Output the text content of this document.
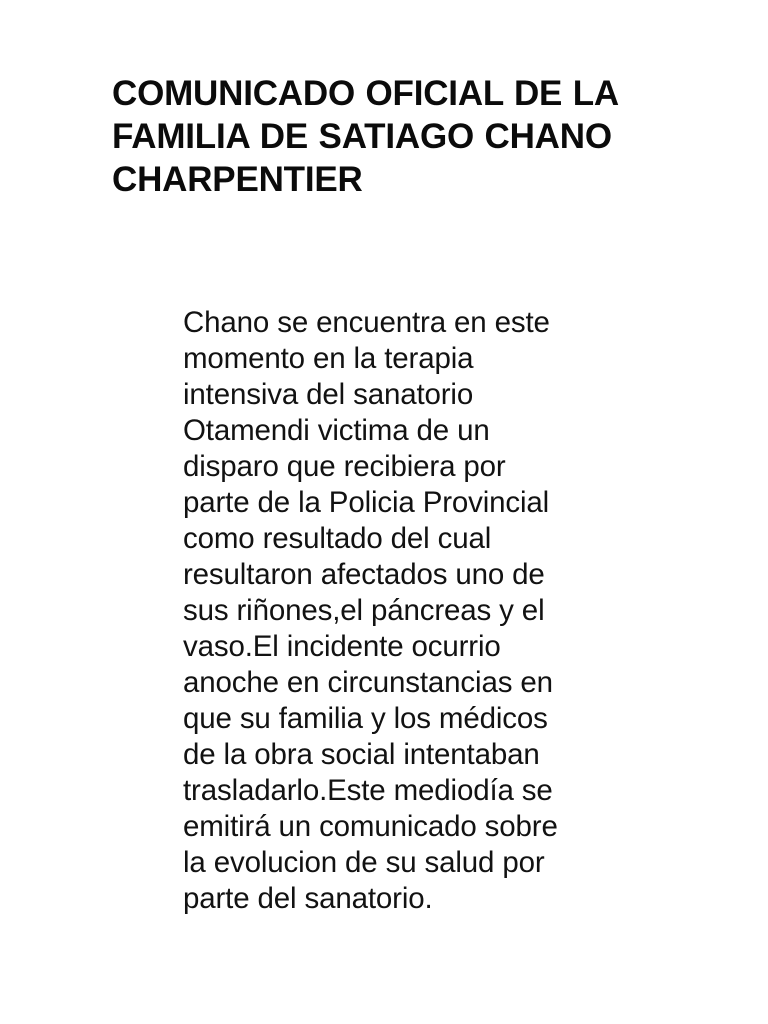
COMUNICADO OFICIAL DE LA
FAMILIA DE SATIAGO CHANO
CHARPENTIER
Chano se encuentra en este
momento en la terapia
intensiva del sanatorio
Otamendi victima de un
disparo que recibiera por
parte de la Policia Provincial
como resultado del cual
resultaron afectados uno de
sus riñones,el páncreas y el
vaso.El incidente ocurrio
anoche en circunstancias en
que su familia y los médicos
de la obra social intentaban
trasladarlo.Este mediodía se
emitirá un comunicado sobre
la evolucion de su salud por
parte del sanatorio.
